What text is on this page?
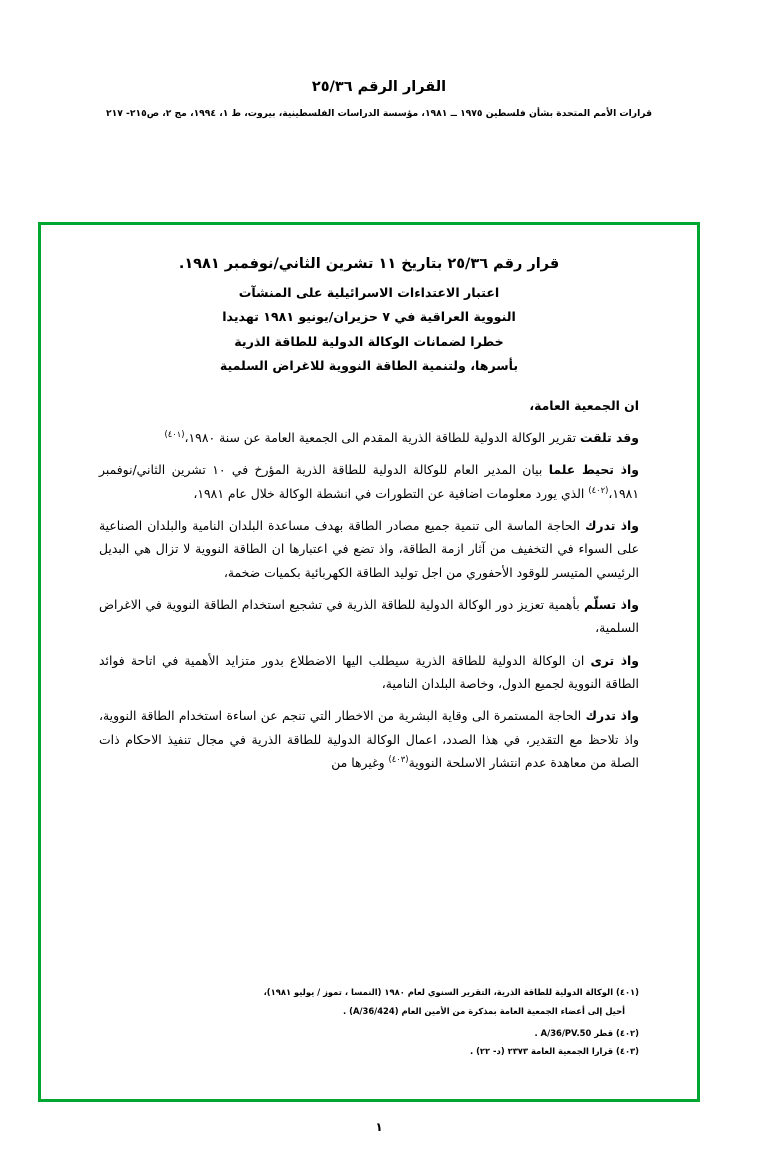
القرار الرقم ٢٥/٣٦
قرارات الأمم المتحدة بشأن فلسطين ١٩٧٥ ــ ١٩٨١، مؤسسة الدراسات الفلسطينية، بيروت، ط ١، ١٩٩٤، مج ٢، ص٢١٥- ٢١٧
قرار رقم ٢٥/٣٦ بتاريخ ١١ تشرين الثاني/نوفمبر ١٩٨١.
اعتبار الاعتداءات الاسرائيلية على المنشآت
النووية العراقية في ٧ حزيران/يونيو ١٩٨١ تهديدا
خطرا لضمانات الوكالة الدولية للطاقة الذرية
بأسرها، ولتنمية الطاقة النووية للاغراض السلمية
ان الجمعية العامة،

وقد تلقت تقرير الوكالة الدولية للطاقة الذرية المقدم الى الجمعية العامة عن سنة ١٩٨٠،$^{(٤٠١)}$

واذ تحيط علما بيان المدير العام للوكالة الدولية للطاقة الذرية المؤرخ في ١٠ تشرين الثاني/نوفمبر ١٩٨١،$^{(٤٠٢)}$ الذي يورد معلومات اضافية عن التطورات في انشطة الوكالة خلال عام ١٩٨١،

واذ تدرك الحاجة الماسة الى تنمية جميع مصادر الطاقة بهدف مساعدة البلدان النامية والبلدان الصناعية على السواء في التخفيف من آثار ازمة الطاقة، واذ تضع في اعتبارها ان الطاقة النووية لا تزال هي البديل الرئيسي المتيسر للوقود الأحفوري من اجل توليد الطاقة الكهربائية بكميات ضخمة،

واذ تسلّم بأهمية تعزيز دور الوكالة الدولية للطاقة الذرية في تشجيع استخدام الطاقة النووية في الاغراض السلمية،

واذ ترى ان الوكالة الدولية للطاقة الذرية سيطلب اليها الاضطلاع بدور متزايد الأهمية في اتاحة فوائد الطاقة النووية لجميع الدول، وخاصة البلدان النامية،

واذ تدرك الحاجة المستمرة الى وقاية البشرية من الاخطار التي تنجم عن اساءة استخدام الطاقة النووية، واذ تلاحظ مع التقدير، في هذا الصدد، اعمال الوكالة الدولية للطاقة الذرية في مجال تنفيذ الاحكام ذات الصلة من معاهدة عدم انتشار الاسلحة النووية$^{(٤٠٣)}$ وغيرها من

(٤٠١) الوكالة الدولية للطاقة الذرية، التقرير السنوي لعام ١٩٨٠ (النمسا ، تموز / يوليو ١٩٨١)،
أحيل إلى أعضاء الجمعية العامة بمذكرة من الأمين العام (A/36/424) .
(٤٠٢) قطر A/36/PV.50 .
(٤٠٣) قرارا الجمعية العامة ٢٣٧٣ (د- ٢٢) .
١
